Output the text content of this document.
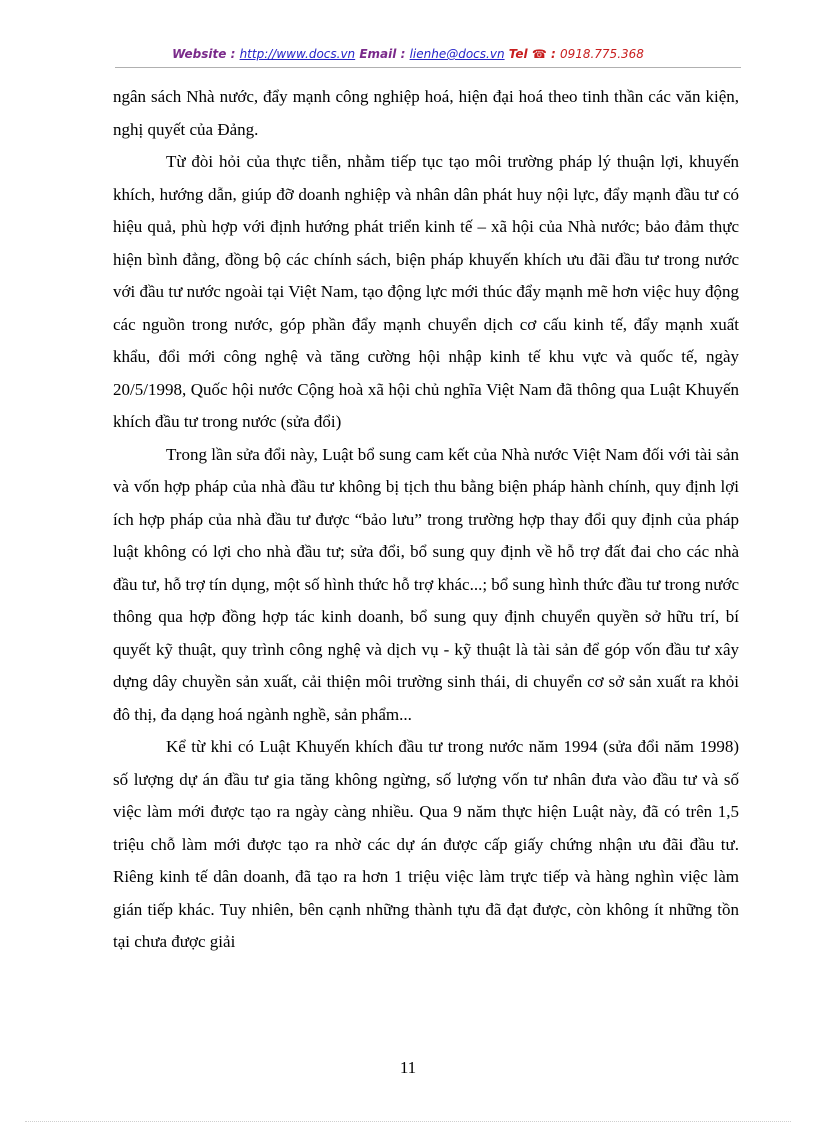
Website : http://www.docs.vn Email : lienhe@docs.vn Tel ☎ : 0918.775.368

ngân sách Nhà nước, đẩy mạnh công nghiệp hoá, hiện đại hoá theo tinh thần các văn kiện, nghị quyết của Đảng.

Từ đòi hỏi của thực tiễn, nhằm tiếp tục tạo môi trường pháp lý thuận lợi, khuyến khích, hướng dẫn, giúp đỡ doanh nghiệp và nhân dân phát huy nội lực, đẩy mạnh đầu tư có hiệu quả, phù hợp với định hướng phát triển kinh tế – xã hội của Nhà nước; bảo đảm thực hiện bình đẳng, đồng bộ các chính sách, biện pháp khuyến khích ưu đãi đầu tư trong nước với đầu tư nước ngoài tại Việt Nam, tạo động lực mới thúc đẩy mạnh mẽ hơn việc huy động các nguồn trong nước, góp phần đẩy mạnh chuyển dịch cơ cấu kinh tế, đẩy mạnh xuất khẩu, đổi mới công nghệ và tăng cường hội nhập kinh tế khu vực và quốc tế, ngày 20/5/1998, Quốc hội nước Cộng hoà xã hội chủ nghĩa Việt Nam đã thông qua Luật Khuyến khích đầu tư trong nước (sửa đổi)

Trong lần sửa đổi này, Luật bổ sung cam kết của Nhà nước Việt Nam đối với tài sản và vốn hợp pháp của nhà đầu tư không bị tịch thu bằng biện pháp hành chính, quy định lợi ích hợp pháp của nhà đầu tư được “bảo lưu” trong trường hợp thay đổi quy định của pháp luật không có lợi cho nhà đầu tư; sửa đổi, bổ sung quy định về hỗ trợ đất đai cho các nhà đầu tư, hỗ trợ tín dụng, một số hình thức hỗ trợ khác...; bổ sung hình thức đầu tư trong nước thông qua hợp đồng hợp tác kinh doanh, bổ sung quy định chuyển quyền sở hữu trí, bí quyết kỹ thuật, quy trình công nghệ và dịch vụ - kỹ thuật là tài sản để góp vốn đầu tư xây dựng dây chuyền sản xuất, cải thiện môi trường sinh thái, di chuyển cơ sở sản xuất ra khỏi đô thị, đa dạng hoá ngành nghề, sản phẩm...

Kể từ khi có Luật Khuyến khích đầu tư trong nước năm 1994 (sửa đổi năm 1998) số lượng dự án đầu tư gia tăng không ngừng, số lượng vốn tư nhân đưa vào đầu tư và số việc làm mới được tạo ra ngày càng nhiều. Qua 9 năm thực hiện Luật này, đã có trên 1,5 triệu chỗ làm mới được tạo ra nhờ các dự án được cấp giấy chứng nhận ưu đãi đầu tư. Riêng kinh tế dân doanh, đã tạo ra hơn 1 triệu việc làm trực tiếp và hàng nghìn việc làm gián tiếp khác. Tuy nhiên, bên cạnh những thành tựu đã đạt được, còn không ít những tồn tại chưa được giải

11
